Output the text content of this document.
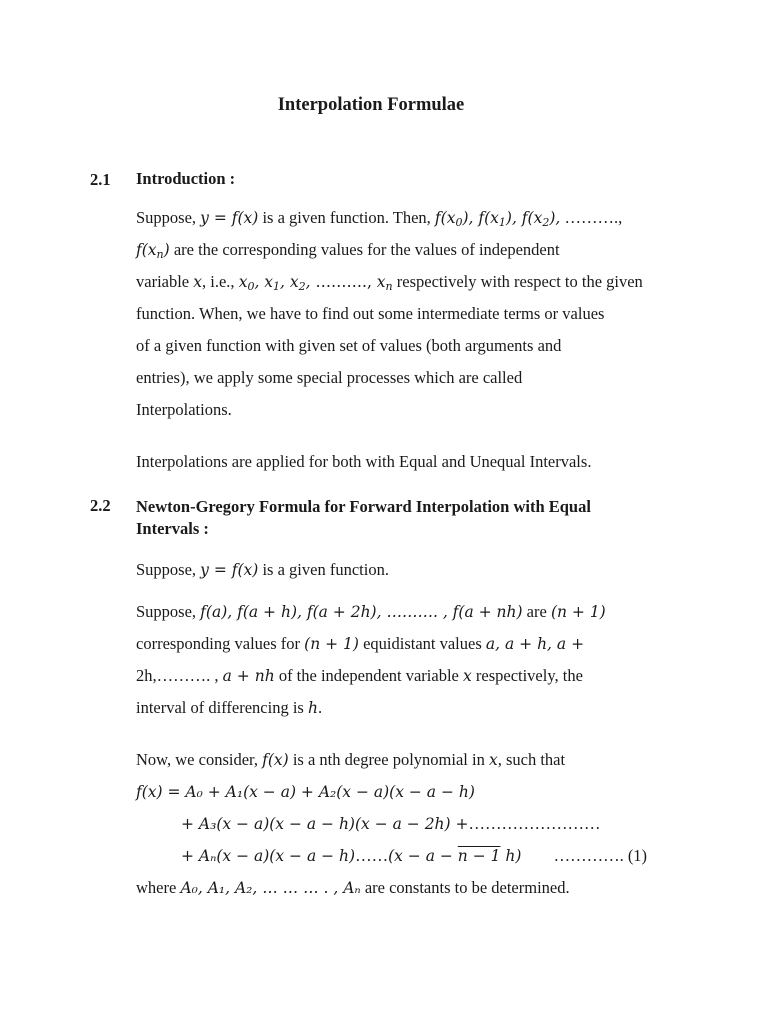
Interpolation Formulae
2.1 Introduction :
Suppose, y = f(x) is a given function. Then, $f(x_0)$, $f(x_1)$, $f(x_2)$, ……….,
$f(x_n)$ are the corresponding values for the values of independent
variable x, i.e., $x_0$, $x_1$, $x_2$, ………., $x_n$ respectively with respect to the given
function. When, we have to find out some intermediate terms or values
of a given function with given set of values (both arguments and
entries), we apply some special processes which are called
Interpolations.
Interpolations are applied for both with Equal and Unequal Intervals.
2.2 Newton-Gregory Formula for Forward Interpolation with Equal Intervals :
Suppose, y = f(x) is a given function.
Suppose, f(a), f(a + h), f(a + 2h), ………. , f(a + nh) are (n + 1)
corresponding values for (n + 1) equidistant values a, a + h, a +
2h,………. , a + nh of the independent variable x respectively, the
interval of differencing is h.
Now, we consider, f(x) is a nth degree polynomial in x, such that
f(x) = A₀ + A₁(x − a) + A₂(x − a)(x − a − h)
+ A₃(x − a)(x − a − h)(x − a − 2h) +……………………
+ Aₙ(x − a)(x − a − h)……(x − a − n − 1 h) …………. (1)
where A₀, A₁, A₂, … … … . , Aₙ are constants to be determined.
